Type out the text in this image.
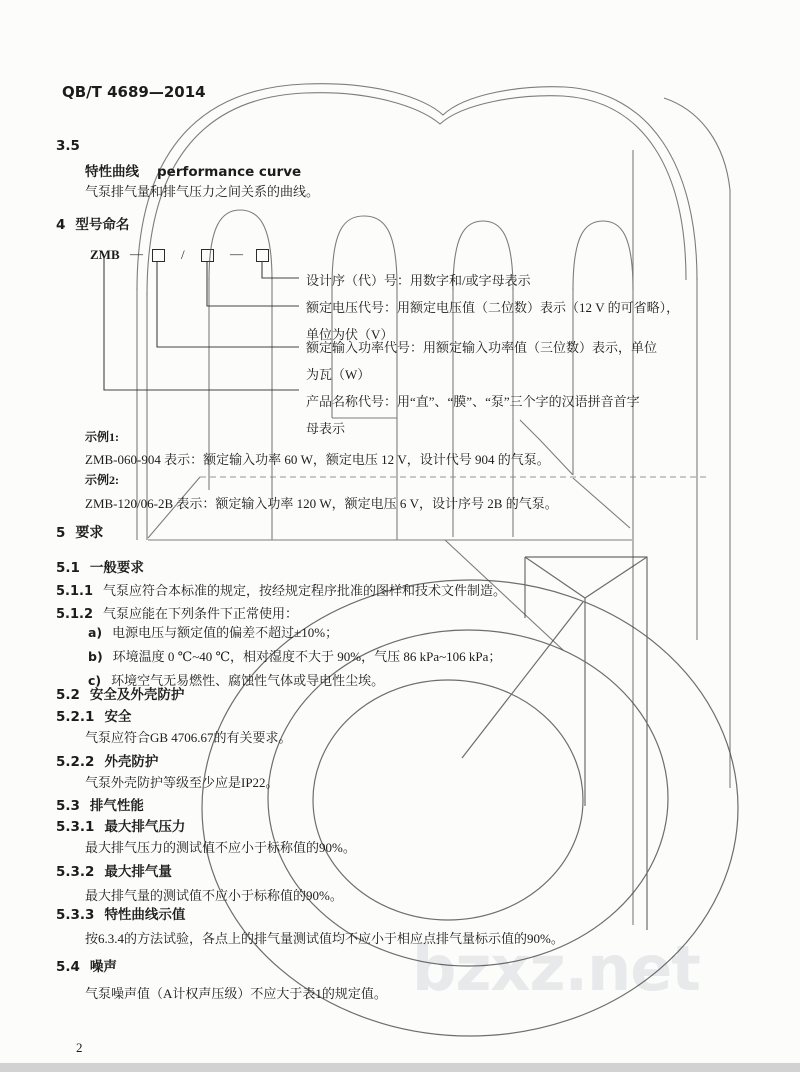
bzxz.net
QB/T 4689—2014
3.5
特性曲线 performance curve
气泵排气量和排气压力之间关系的曲线。
4 型号命名
ZMB —	/	—
设计序（代）号：用数字和/或字母表示
额定电压代号：用额定电压值（二位数）表示（12 V 的可省略），
单位为伏（V）
额定输入功率代号：用额定输入功率值（三位数）表示，单位
为瓦（W）
产品名称代号：用“直”、“膜”、“泵”三个字的汉语拼音首字
母表示
示例1:
ZMB-060-904 表示：额定输入功率 60 W，额定电压 12 V，设计代号 904 的气泵。
示例2:
ZMB-120/06-2B 表示：额定输入功率 120 W，额定电压 6 V，设计序号 2B 的气泵。
5 要求
5.1 一般要求
5.1.1 气泵应符合本标准的规定，按经规定程序批准的图样和技术文件制造。
5.1.2 气泵应能在下列条件下正常使用：
a) 电源电压与额定值的偏差不超过±10%；
b) 环境温度 0 ℃~40 ℃，相对湿度不大于 90%，气压 86 kPa~106 kPa；
c) 环境空气无易燃性、腐蚀性气体或导电性尘埃。
5.2 安全及外壳防护
5.2.1 安全
气泵应符合GB 4706.67的有关要求。
5.2.2 外壳防护
气泵外壳防护等级至少应是IP22。
5.3 排气性能
5.3.1 最大排气压力
最大排气压力的测试值不应小于标称值的90%。
5.3.2 最大排气量
最大排气量的测试值不应小于标称值的90%。
5.3.3 特性曲线示值
按6.3.4的方法试验，各点上的排气量测试值均不应小于相应点排气量标示值的90%。
5.4 噪声
气泵噪声值（A计权声压级）不应大于表1的规定值。
2
